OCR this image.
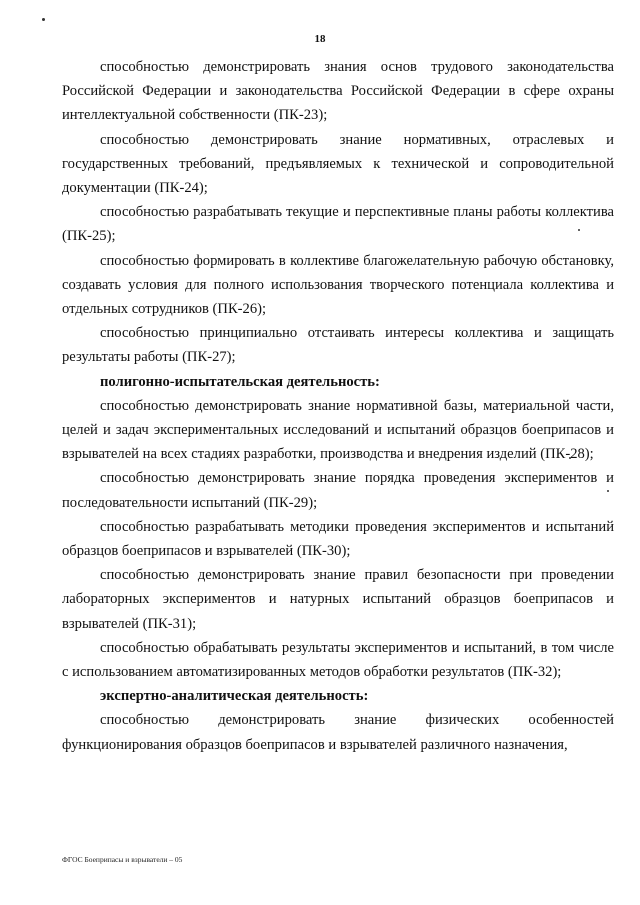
18

способностью демонстрировать знания основ трудового законодательства Российской Федерации и законодательства Российской Федерации в сфере охраны интеллектуальной собственности (ПК-23);

способностью демонстрировать знание нормативных, отраслевых и государственных требований, предъявляемых к технической и сопроводительной документации (ПК-24);

способностью разрабатывать текущие и перспективные планы работы коллектива (ПК-25);

способностью формировать в коллективе благожелательную рабочую обстановку, создавать условия для полного использования творческого потенциала коллектива и отдельных сотрудников (ПК-26);

способностью принципиально отстаивать интересы коллектива и защищать результаты работы (ПК-27);

полигонно-испытательская деятельность:

способностью демонстрировать знание нормативной базы, материальной части, целей и задач экспериментальных исследований и испытаний образцов боеприпасов и взрывателей на всех стадиях разработки, производства и внедрения изделий (ПК-28);

способностью демонстрировать знание порядка проведения экспериментов и последовательности испытаний (ПК-29);

способностью разрабатывать методики проведения экспериментов и испытаний образцов боеприпасов и взрывателей (ПК-30);

способностью демонстрировать знание правил безопасности при проведении лабораторных экспериментов и натурных испытаний образцов боеприпасов и взрывателей (ПК-31);

способностью обрабатывать результаты экспериментов и испытаний, в том числе с использованием автоматизированных методов обработки результатов (ПК-32);

экспертно-аналитическая деятельность:

способностью демонстрировать знание физических особенностей функционирования образцов боеприпасов и взрывателей различного назначения,

ФГОС Боеприпасы и взрыватели – 05
